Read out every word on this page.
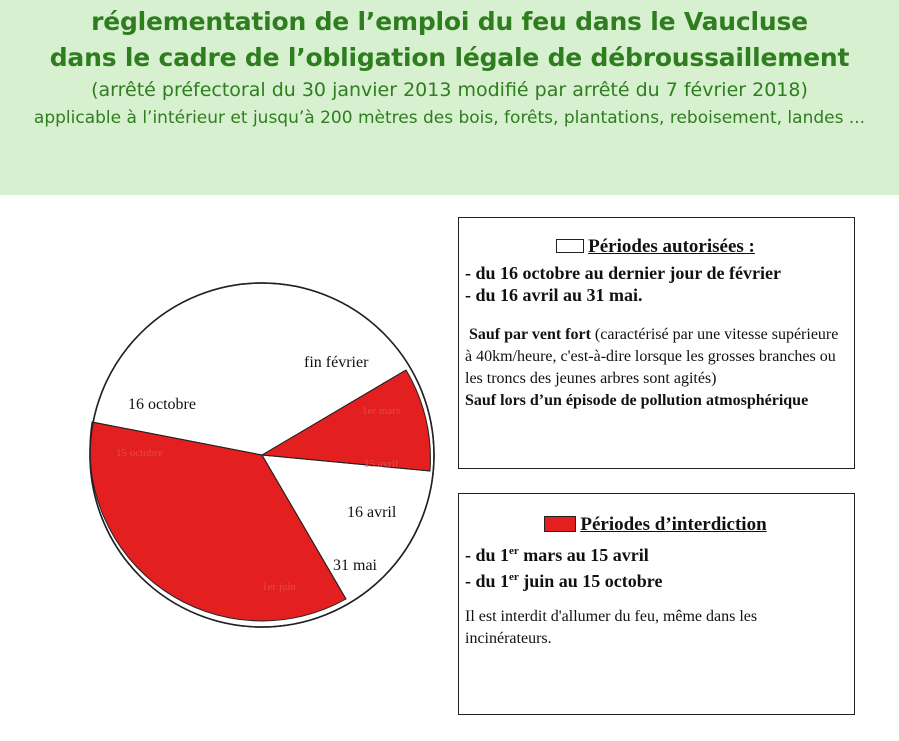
réglementation de l’emploi du feu dans le Vaucluse
dans le cadre de l’obligation légale de débroussaillement
(arrêté préfectoral du 30 janvier 2013 modifié par arrêté du 7 février 2018)
applicable à l’intérieur et jusqu’à 200 mètres des bois, forêts, plantations, reboisement, landes ...
16 octobre
fin février
16 avril
31 mai
1er mars
15 avril
15 octobre
1er juin
Périodes autorisées :
- du 16 octobre au dernier jour de février
- du 16 avril au 31 mai.
Sauf par vent fort (caractérisé par une vitesse supérieure à 40km/heure, c'est-à-dire lorsque les grosses branches ou les troncs des jeunes arbres sont agités)
Sauf lors d’un épisode de pollution atmosphérique
Périodes d’interdiction
- du 1er mars au 15 avril
- du 1er juin au 15 octobre
Il est interdit d'allumer du feu, même dans les incinérateurs.
